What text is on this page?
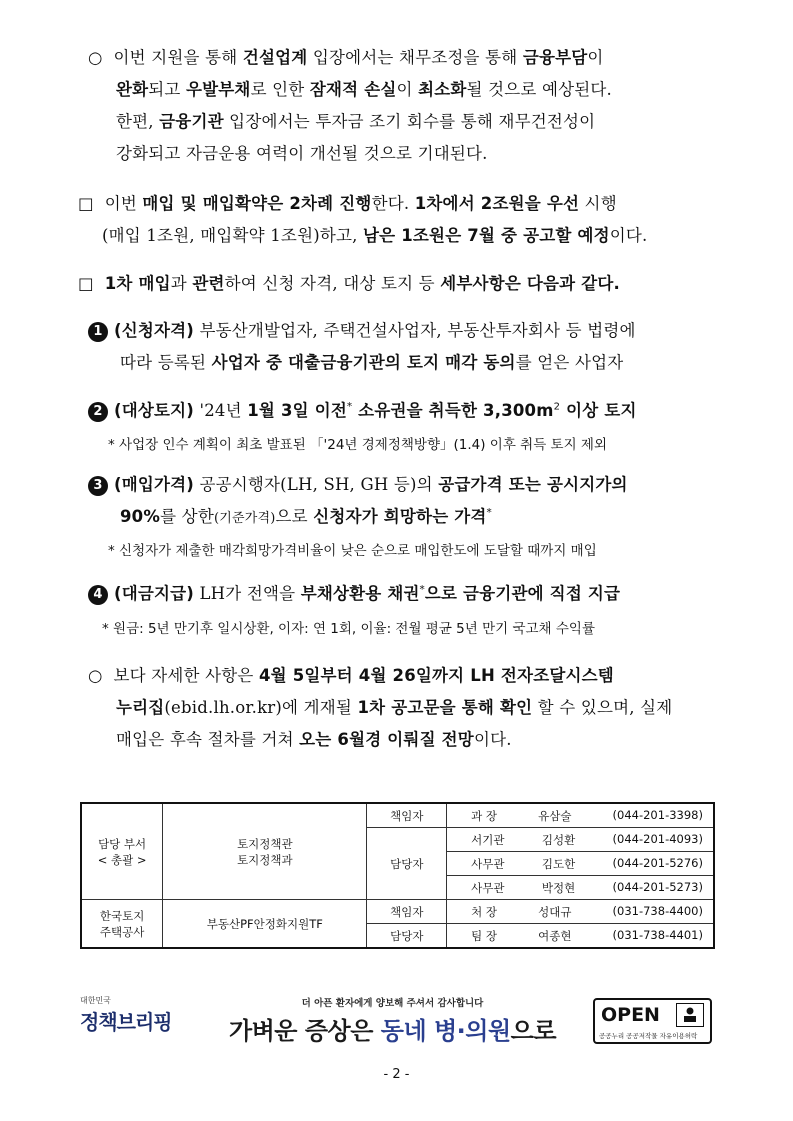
○ 이번 지원을 통해 건설업계 입장에서는 채무조정을 통해 금융부담이
완화되고 우발부채로 인한 잠재적 손실이 최소화될 것으로 예상된다.
한편, 금융기관 입장에서는 투자금 조기 회수를 통해 재무건전성이
강화되고 자금운용 여력이 개선될 것으로 기대된다.
□ 이번 매입 및 매입확약은 2차례 진행한다. 1차에서 2조원을 우선 시행
(매입 1조원, 매입확약 1조원)하고, 남은 1조원은 7월 중 공고할 예정이다.
□ 1차 매입과 관련하여 신청 자격, 대상 토지 등 세부사항은 다음과 같다.
1 (신청자격) 부동산개발업자, 주택건설사업자, 부동산투자회사 등 법령에
따라 등록된 사업자 중 대출금융기관의 토지 매각 동의를 얻은 사업자
2 (대상토지) '24년 1월 3일 이전* 소유권을 취득한 $3,300m^2$ 이상 토지
* 사업장 인수 계획이 최초 발표된 「'24년 경제정책방향」(1.4) 이후 취득 토지 제외
3 (매입가격) 공공시행자(LH, SH, GH 등)의 공급가격 또는 공시지가의
90%를 상한(기준가격)으로 신청자가 희망하는 가격*
* 신청자가 제출한 매각희망가격비율이 낮은 순으로 매입한도에 도달할 때까지 매입
4 (대금지급) LH가 전액을 부채상환용 채권*으로 금융기관에 직접 지급
* 원금: 5년 만기후 일시상환, 이자: 연 1회, 이율: 전월 평균 5년 만기 국고채 수익률
○ 보다 자세한 사항은 4월 5일부터 4월 26일까지 LH 전자조달시스템
누리집(ebid.lh.or.kr)에 게재될 1차 공고문을 통해 확인 할 수 있으며, 실제
매입은 후속 절차를 거쳐 오는 6월경 이뤄질 전망이다.
담당 부서
< 총괄 >	토지정책관
토지정책과	책임자	과 장 유삼술 (044-201-3398)

		담당자	서기관 김성환 (044-201-4093)

			사무관 김도한 (044-201-5276)

			사무관 박정현 (044-201-5273)

한국토지
주택공사	부동산PF안정화지원TF	책임자	처 장 성대규 (031-738-4400)

		담당자	팀 장 여종현 (031-738-4401)
대한민국
정책브리핑
더 아픈 환자에게 양보해 주셔서 감사합니다
가벼운 증상은 동네 병·의원으로
OPEN
공공누리 공공저작물 자유이용허락
- 2 -
